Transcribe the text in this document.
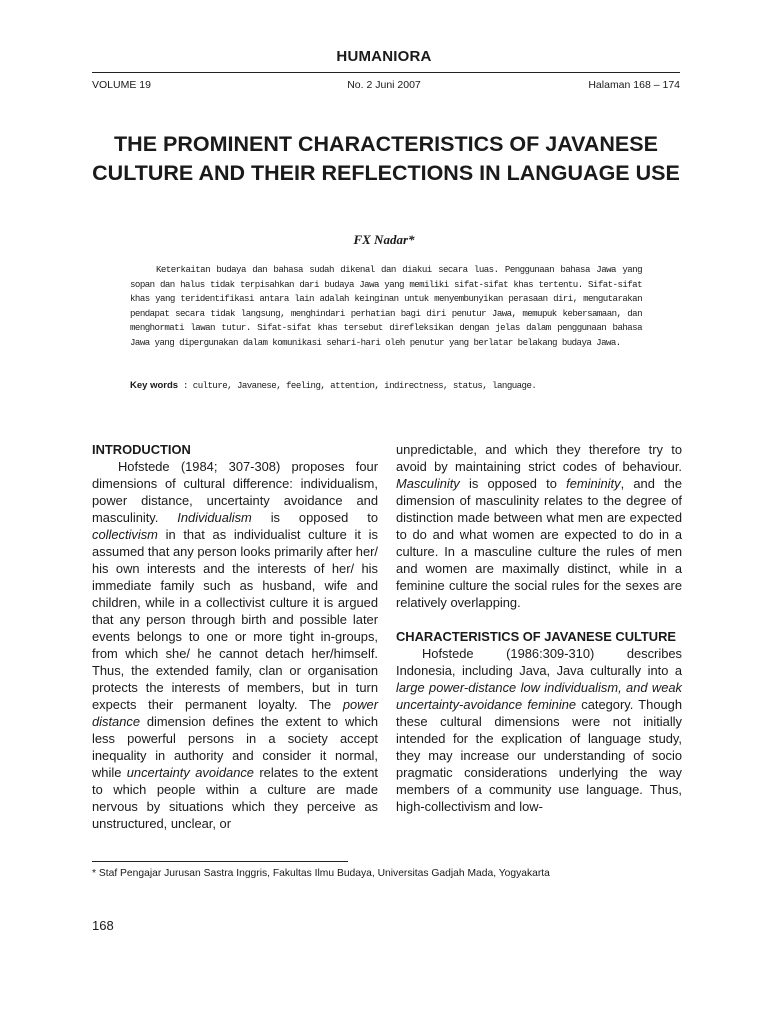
HUMANIORA
VOLUME 19	No. 2 Juni 2007	Halaman 168 – 174
THE PROMINENT CHARACTERISTICS OF JAVANESE CULTURE AND THEIR REFLECTIONS IN LANGUAGE USE
FX Nadar*

Keterkaitan budaya dan bahasa sudah dikenal dan diakui secara luas. Penggunaan bahasa Jawa yang sopan dan halus tidak terpisahkan dari budaya Jawa yang memiliki sifat-sifat khas tertentu. Sifat-sifat khas yang teridentifikasi antara lain adalah keinginan untuk menyembunyikan perasaan diri, mengutarakan pendapat secara tidak langsung, menghindari perhatian bagi diri penutur Jawa, memupuk kebersamaan, dan menghormati lawan tutur. Sifat-sifat khas tersebut direfleksikan dengan jelas dalam penggunaan bahasa Jawa yang dipergunakan dalam komunikasi sehari-hari oleh penutur yang berlatar belakang budaya Jawa.

Key words : culture, Javanese, feeling, attention, indirectness, status, language.
INTRODUCTION

Hofstede (1984; 307-308) proposes four dimensions of cultural difference: individualism, power distance, uncertainty avoidance and masculinity. Individualism is opposed to collectivism in that as individualist culture it is assumed that any person looks primarily after her/ his own interests and the interests of her/ his immediate family such as husband, wife and children, while in a collectivist culture it is argued that any person through birth and possible later events belongs to one or more tight in-groups, from which she/ he cannot detach her/himself. Thus, the extended family, clan or organisation protects the interests of members, but in turn expects their permanent loyalty. The power distance dimension defines the extent to which less powerful persons in a society accept inequality in authority and consider it normal, while uncertainty avoidance relates to the extent to which people within a culture are made nervous by situations which they perceive as unstructured, unclear, or

unpredictable, and which they therefore try to avoid by maintaining strict codes of behaviour. Masculinity is opposed to femininity, and the dimension of masculinity relates to the degree of distinction made between what men are expected to do and what women are expected to do in a culture. In a masculine culture the rules of men and women are maximally distinct, while in a feminine culture the social rules for the sexes are relatively overlapping.

CHARACTERISTICS OF JAVANESE CULTURE

Hofstede (1986:309-310) describes Indonesia, including Java, Java culturally into a large power-distance low individualism, and weak uncertainty-avoidance feminine category. Though these cultural dimensions were not initially intended for the explication of language study, they may increase our understanding of socio pragmatic considerations underlying the way members of a community use language. Thus, high-collectivism and low-

* Staf Pengajar Jurusan Sastra Inggris, Fakultas Ilmu Budaya, Universitas Gadjah Mada, Yogyakarta
168
